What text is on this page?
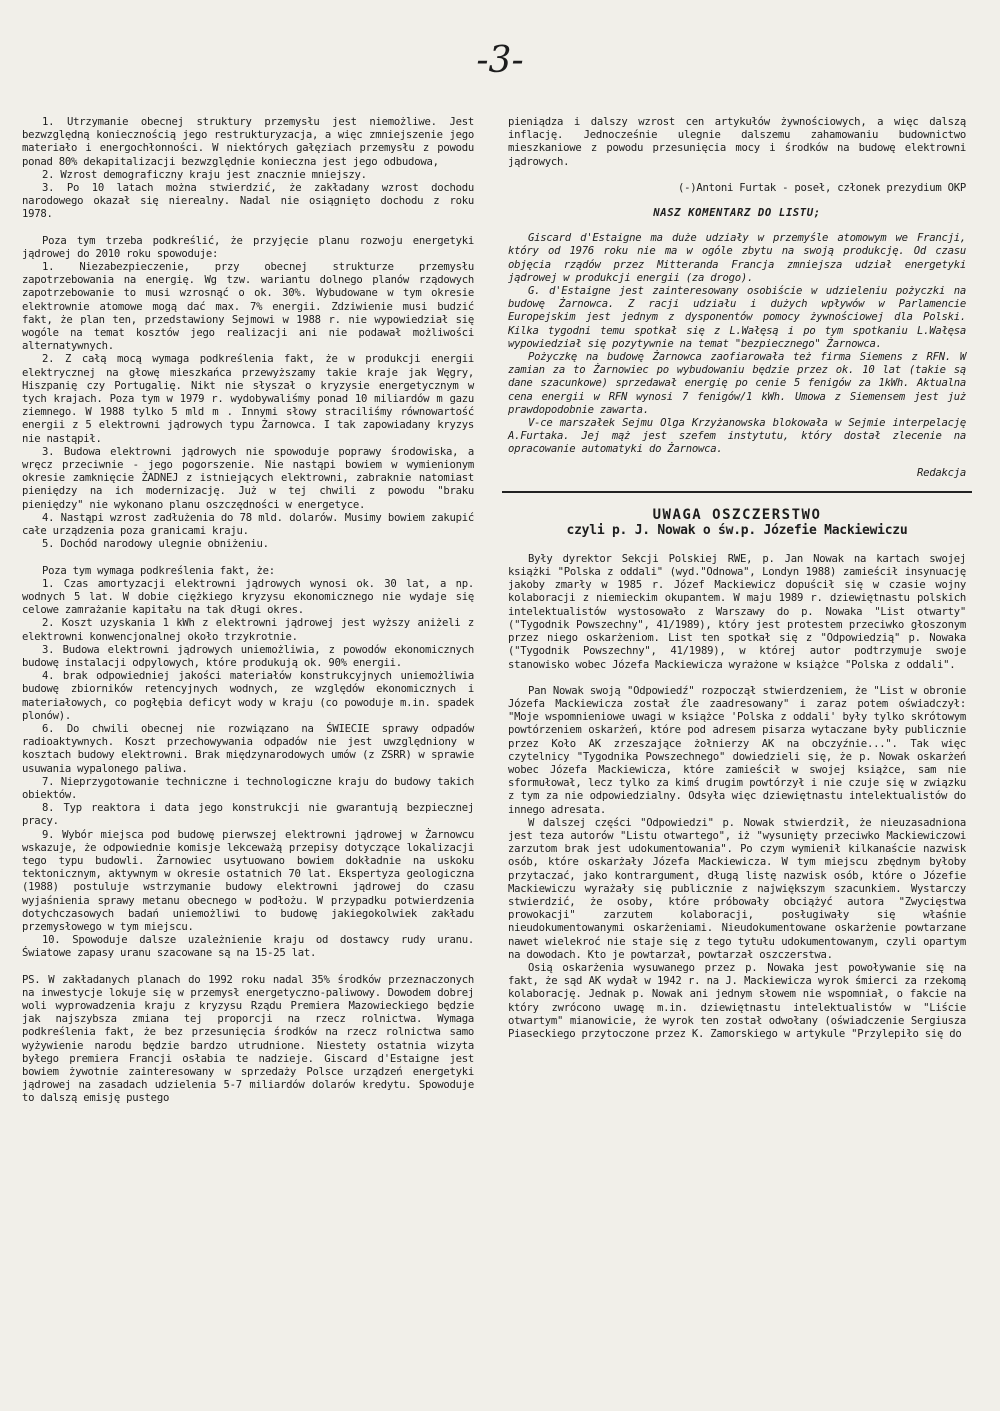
-3-

1. Utrzymanie obecnej struktury przemysłu jest niemożliwe. Jest bezwzględną koniecznością jego restrukturyzacja, a więc zmniejszenie jego materiało i energochłonności. W niektórych gałęziach przemysłu z powodu ponad 80% dekapitalizacji bezwzględnie konieczna jest jego odbudowa,

2. Wzrost demograficzny kraju jest znacznie mniejszy.

3. Po 10 latach można stwierdzić, że zakładany wzrost dochodu narodowego okazał się nierealny. Nadal nie osiągnięto dochodu z roku 1978.

Poza tym trzeba podkreślić, że przyjęcie planu rozwoju energetyki jądrowej do 2010 roku spowoduje:

1. Niezabezpieczenie, przy obecnej strukturze przemysłu zapotrzebowania na energię. Wg tzw. wariantu dolnego planów rządowych zapotrzebowanie to musi wzrosnąć o ok. 30%. Wybudowane w tym okresie elektrownie atomowe mogą dać max. 7% energii. Zdziwienie musi budzić fakt, że plan ten, przedstawiony Sejmowi w 1988 r. nie wypowiedział się wogóle na temat kosztów jego realizacji ani nie podawał możliwości alternatywnych.

2. Z całą mocą wymaga podkreślenia fakt, że w produkcji energii elektrycznej na głowę mieszkańca przewyższamy takie kraje jak Węgry, Hiszpanię czy Portugalię. Nikt nie słyszał o kryzysie energetycznym w tych krajach. Poza tym w 1979 r. wydobywaliśmy ponad 10 miliardów m gazu ziemnego. W 1988 tylko 5 mld m . Innymi słowy straciliśmy równowartość energii z 5 elektrowni jądrowych typu Żarnowca. I tak zapowiadany kryzys nie nastąpił.

3. Budowa elektrowni jądrowych nie spowoduje poprawy środowiska, a wręcz przeciwnie - jego pogorszenie. Nie nastąpi bowiem w wymienionym okresie zamknięcie ŻADNEJ z istniejących elektrowni, zabraknie natomiast pieniędzy na ich modernizację. Już w tej chwili z powodu "braku pieniędzy" nie wykonano planu oszczędności w energetyce.

4. Nastąpi wzrost zadłużenia do 78 mld. dolarów. Musimy bowiem zakupić całe urządzenia poza granicami kraju.

5. Dochód narodowy ulegnie obniżeniu.

Poza tym wymaga podkreślenia fakt, że:

1. Czas amortyzacji elektrowni jądrowych wynosi ok. 30 lat, a np. wodnych 5 lat. W dobie ciężkiego kryzysu ekonomicznego nie wydaje się celowe zamrażanie kapitału na tak długi okres.

2. Koszt uzyskania 1 kWh z elektrowni jądrowej jest wyższy aniżeli z elektrowni konwencjonalnej około trzykrotnie.

3. Budowa elektrowni jądrowych uniemożliwia, z powodów ekonomicznych budowę instalacji odpylowych, które produkują ok. 90% energii.

4. brak odpowiedniej jakości materiałów konstrukcyjnych uniemożliwia budowę zbiorników retencyjnych wodnych, ze względów ekonomicznych i materiałowych, co pogłębia deficyt wody w kraju (co powoduje m.in. spadek plonów).

6. Do chwili obecnej nie rozwiązano na ŚWIECIE sprawy odpadów radioaktywnych. Koszt przechowywania odpadów nie jest uwzględniony w kosztach budowy elektrowni. Brak międzynarodowych umów (z ZSRR) w sprawie usuwania wypalonego paliwa.

7. Nieprzygotowanie techniczne i technologiczne kraju do budowy takich obiektów.

8. Typ reaktora i data jego konstrukcji nie gwarantują bezpiecznej pracy.

9. Wybór miejsca pod budowę pierwszej elektrowni jądrowej w Żarnowcu wskazuje, że odpowiednie komisje lekceważą przepisy dotyczące lokalizacji tego typu budowli. Żarnowiec usytuowano bowiem dokładnie na uskoku tektonicznym, aktywnym w okresie ostatnich 70 lat. Ekspertyza geologiczna (1988) postuluje wstrzymanie budowy elektrowni jądrowej do czasu wyjaśnienia sprawy metanu obecnego w podłożu. W przypadku potwierdzenia dotychczasowych badań uniemożliwi to budowę jakiegokolwiek zakładu przemysłowego w tym miejscu.

10. Spowoduje dalsze uzależnienie kraju od dostawcy rudy uranu. Światowe zapasy uranu szacowane są na 15-25 lat.

PS. W zakładanych planach do 1992 roku nadal 35% środków przeznaczonych na inwestycje lokuje się w przemysł energetyczno-paliwowy. Dowodem dobrej woli wyprowadzenia kraju z kryzysu Rządu Premiera Mazowieckiego będzie jak najszybsza zmiana tej proporcji na rzecz rolnictwa. Wymaga podkreślenia fakt, że bez przesunięcia środków na rzecz rolnictwa samo wyżywienie narodu będzie bardzo utrudnione. Niestety ostatnia wizyta byłego premiera Francji osłabia te nadzieje. Giscard d'Estaigne jest bowiem żywotnie zainteresowany w sprzedaży Polsce urządzeń energetyki jądrowej na zasadach udzielenia 5-7 miliardów dolarów kredytu. Spowoduje to dalszą emisję pustego

pieniądza i dalszy wzrost cen artykułów żywnościowych, a więc dalszą inflację. Jednocześnie ulegnie dalszemu zahamowaniu budownictwo mieszkaniowe z powodu przesunięcia mocy i środków na budowę elektrowni jądrowych.

(-)Antoni Furtak - poseł, członek prezydium OKP

NASZ KOMENTARZ DO LISTU;

Giscard d'Estaigne ma duże udziały w przemyśle atomowym we Francji, który od 1976 roku nie ma w ogóle zbytu na swoją produkcję. Od czasu objęcia rządów przez Mitteranda Francja zmniejsza udział energetyki jądrowej w produkcji energii (za drogo).

G. d'Estaigne jest zainteresowany osobiście w udzieleniu pożyczki na budowę Żarnowca. Z racji udziału i dużych wpływów w Parlamencie Europejskim jest jednym z dysponentów pomocy żywnościowej dla Polski. Kilka tygodni temu spotkał się z L.Wałęsą i po tym spotkaniu L.Wałęsa wypowiedział się pozytywnie na temat "bezpiecznego" Żarnowca.

Pożyczkę na budowę Żarnowca zaofiarowała też firma Siemens z RFN. W zamian za to Żarnowiec po wybudowaniu będzie przez ok. 10 lat (takie są dane szacunkowe) sprzedawał energię po cenie 5 fenigów za 1kWh. Aktualna cena energii w RFN wynosi 7 fenigów/1 kWh. Umowa z Siemensem jest już prawdopodobnie zawarta.

V-ce marszałek Sejmu Olga Krzyżanowska blokowała w Sejmie interpelację A.Furtaka. Jej mąż jest szefem instytutu, który dostał zlecenie na opracowanie automatyki do Żarnowca.

Redakcja

UWAGA OSZCZERSTWO

czyli p. J. Nowak o św.p. Józefie Mackiewiczu

Były dyrektor Sekcji Polskiej RWE, p. Jan Nowak na kartach swojej książki "Polska z oddali" (wyd."Odnowa", Londyn 1988) zamieścił insynuację jakoby zmarły w 1985 r. Józef Mackiewicz dopuścił się w czasie wojny kolaboracji z niemieckim okupantem. W maju 1989 r. dziewiętnastu polskich intelektualistów wystosowało z Warszawy do p. Nowaka "List otwarty" ("Tygodnik Powszechny", 41/1989), który jest protestem przeciwko głoszonym przez niego oskarżeniom. List ten spotkał się z "Odpowiedzią" p. Nowaka ("Tygodnik Powszechny", 41/1989), w której autor podtrzymuje swoje stanowisko wobec Józefa Mackiewicza wyrażone w książce "Polska z oddali".

Pan Nowak swoją "Odpowiedź" rozpoczął stwierdzeniem, że "List w obronie Józefa Mackiewicza został źle zaadresowany" i zaraz potem oświadczył: "Moje wspomnieniowe uwagi w książce 'Polska z oddali' były tylko skrótowym powtórzeniem oskarżeń, które pod adresem pisarza wytaczane były publicznie przez Koło AK zrzeszające żołnierzy AK na obczyźnie...". Tak więc czytelnicy "Tygodnika Powszechnego" dowiedzieli się, że p. Nowak oskarżeń wobec Józefa Mackiewicza, które zamieścił w swojej książce, sam nie sformułował, lecz tylko za kimś drugim powtórzył i nie czuje się w związku z tym za nie odpowiedzialny. Odsyła więc dziewiętnastu intelektualistów do innego adresata.

W dalszej części "Odpowiedzi" p. Nowak stwierdził, że nieuzasadniona jest teza autorów "Listu otwartego", iż "wysunięty przeciwko Mackiewiczowi zarzutom brak jest udokumentowania". Po czym wymienił kilkanaście nazwisk osób, które oskarżały Józefa Mackiewicza. W tym miejscu zbędnym byłoby przytaczać, jako kontrargument, długą listę nazwisk osób, które o Józefie Mackiewiczu wyrażały się publicznie z największym szacunkiem. Wystarczy stwierdzić, że osoby, które próbowały obciążyć autora "Zwycięstwa prowokacji" zarzutem kolaboracji, posługiwały się właśnie nieudokumentowanymi oskarżeniami. Nieudokumentowane oskarżenie powtarzane nawet wielekroć nie staje się z tego tytułu udokumentowanym, czyli opartym na dowodach. Kto je powtarzał, powtarzał oszczerstwa.

Osią oskarżenia wysuwanego przez p. Nowaka jest powoływanie się na fakt, że sąd AK wydał w 1942 r. na J. Mackiewicza wyrok śmierci za rzekomą kolaborację. Jednak p. Nowak ani jednym słowem nie wspomniał, o fakcie na który zwrócono uwagę m.in. dziewiętnastu intelektualistów w "Liście otwartym" mianowicie, że wyrok ten został odwołany (oświadczenie Sergiusza Piaseckiego przytoczone przez K. Zamorskiego w artykule "Przylepiło się do
